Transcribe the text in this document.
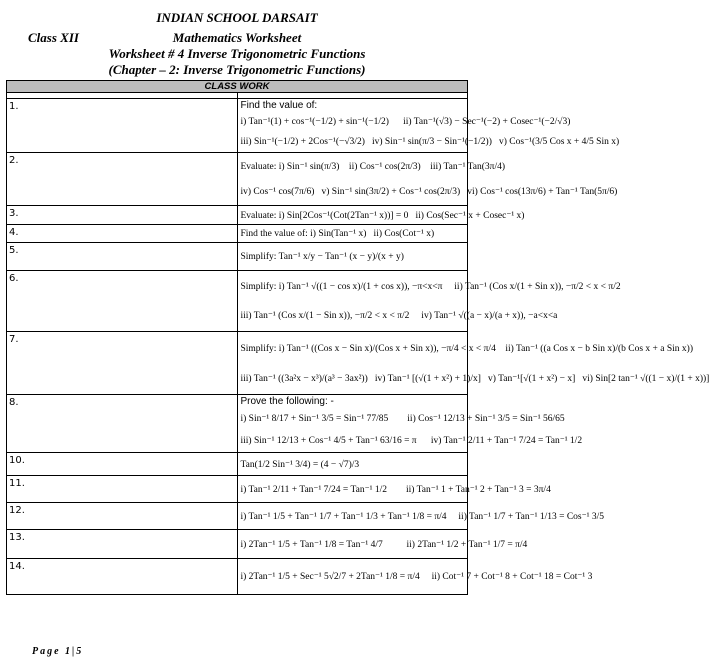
INDIAN SCHOOL DARSAIT
Class XII	Mathematics Worksheet
Worksheet # 4 Inverse Trigonometric Functions
(Chapter – 2: Inverse Trigonometric Functions)
CLASS WORK	

1.	Find the value of:
i) Tan⁻¹(1) + cos⁻¹(−1/2) + sin⁻¹(−1/2)      ii) Tan⁻¹(√3) − Sec⁻¹(−2) + Cosec⁻¹(−2/√3)
iii) Sin⁻¹(−1/2) + 2Cos⁻¹(−√3/2)   iv) Sin⁻¹ sin(π/3 − Sin⁻¹(−1/2))   v) Cos⁻¹(3/5 Cos x + 4/5 Sin x)

2.	Evaluate: i) Sin⁻¹ sin(π/3)    ii) Cos⁻¹ cos(2π/3)    iii) Tan⁻¹ Tan(3π/4)
iv) Cos⁻¹ cos(7π/6)   v) Sin⁻¹ sin(3π/2) + Cos⁻¹ cos(2π/3)   vi) Cos⁻¹ cos(13π/6) + Tan⁻¹ Tan(5π/6)

3.	Evaluate: i) Sin[2Cos⁻¹(Cot(2Tan⁻¹ x))] = 0   ii) Cos(Sec⁻¹ x + Cosec⁻¹ x)

4.	Find the value of: i) Sin(Tan⁻¹ x)   ii) Cos(Cot⁻¹ x)

5.	Simplify: Tan⁻¹ x/y − Tan⁻¹ (x − y)/(x + y)

6.	Simplify: i) Tan⁻¹ √((1 − cos x)/(1 + cos x)), −π<x<π     ii) Tan⁻¹ (Cos x/(1 + Sin x)), −π/2 < x < π/2
iii) Tan⁻¹ (Cos x/(1 − Sin x)), −π/2 < x < π/2     iv) Tan⁻¹ √((a − x)/(a + x)), −a<x<a

7.	Simplify: i) Tan⁻¹ ((Cos x − Sin x)/(Cos x + Sin x)), −π/4 < x < π/4    ii) Tan⁻¹ ((a Cos x − b Sin x)/(b Cos x + a Sin x))
iii) Tan⁻¹ ((3a²x − x³)/(a³ − 3ax²))   iv) Tan⁻¹ [(√(1 + x²) + 1)/x]   v) Tan⁻¹[√(1 + x²) − x]   vi) Sin[2 tan⁻¹ √((1 − x)/(1 + x))]

8.	Prove the following: -
i) Sin⁻¹ 8/17 + Sin⁻¹ 3/5 = Sin⁻¹ 77/85        ii) Cos⁻¹ 12/13 + Sin⁻¹ 3/5 = Sin⁻¹ 56/65
iii) Sin⁻¹ 12/13 + Cos⁻¹ 4/5 + Tan⁻¹ 63/16 = π      iv) Tan⁻¹ 2/11 + Tan⁻¹ 7/24 = Tan⁻¹ 1/2

10.	Tan(1/2 Sin⁻¹ 3/4) = (4 − √7)/3

11.	i) Tan⁻¹ 2/11 + Tan⁻¹ 7/24 = Tan⁻¹ 1/2        ii) Tan⁻¹ 1 + Tan⁻¹ 2 + Tan⁻¹ 3 = 3π/4

12.	i) Tan⁻¹ 1/5 + Tan⁻¹ 1/7 + Tan⁻¹ 1/3 + Tan⁻¹ 1/8 = π/4     ii) Tan⁻¹ 1/7 + Tan⁻¹ 1/13 = Cos⁻¹ 3/5

13.	i) 2Tan⁻¹ 1/5 + Tan⁻¹ 1/8 = Tan⁻¹ 4/7          ii) 2Tan⁻¹ 1/2 + Tan⁻¹ 1/7 = π/4

14.	i) 2Tan⁻¹ 1/5 + Sec⁻¹ 5√2/7 + 2Tan⁻¹ 1/8 = π/4     ii) Cot⁻¹ 7 + Cot⁻¹ 8 + Cot⁻¹ 18 = Cot⁻¹ 3
Page 1|5
